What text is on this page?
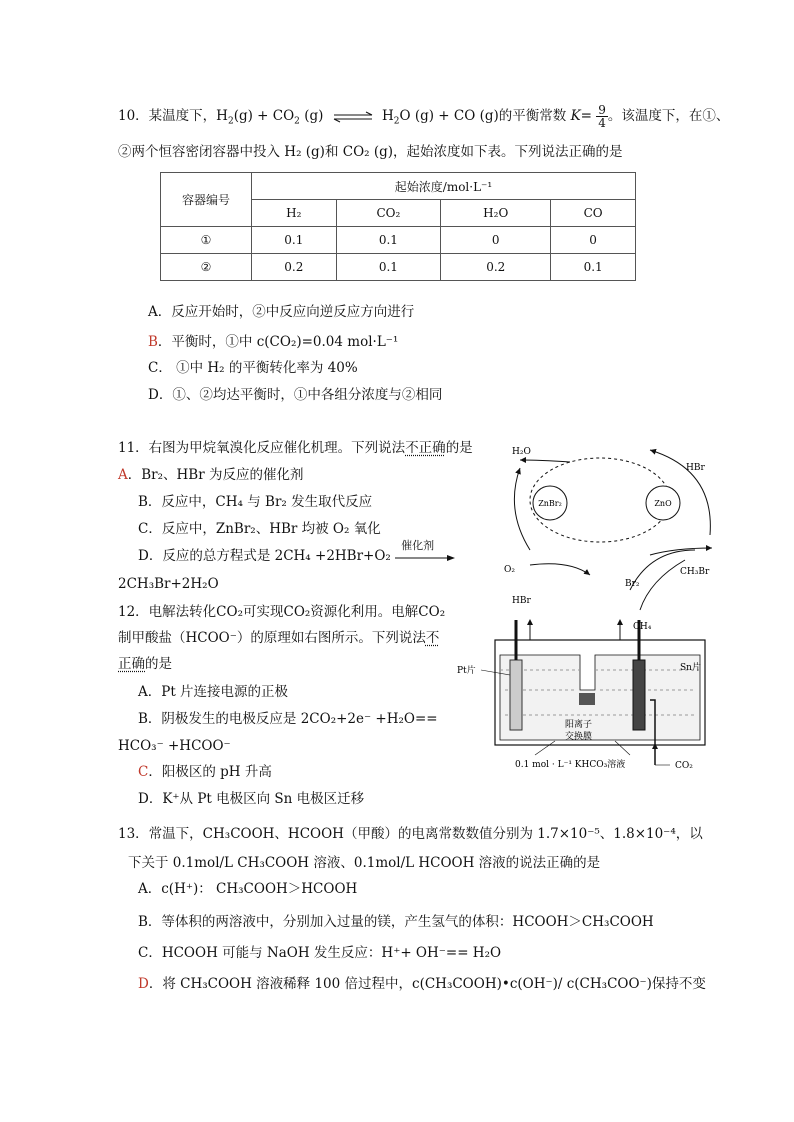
10．某温度下，$H_2(g) + CO_2$ (g) ⇌ $H_2O$ (g) + CO (g)的平衡常数 $K= \frac{9}{4}$ 。该温度下，在①、
②两个恒容密闭容器中投入 H₂ (g)和 CO₂ (g)，起始浓度如下表。下列说法正确的是
容器编号	起始浓度/mol·L⁻¹			
	H₂	CO₂	H₂O	CO
①	0.1	0.1	0	0
②	0.2	0.1	0.2	0.1
A．反应开始时，②中反应向逆反应方向进行
B．平衡时，①中 c(CO₂)=0.04 mol·L⁻¹
C． ①中 H₂ 的平衡转化率为 40%
D．①、②均达平衡时，①中各组分浓度与②相同
11．右图为甲烷氧溴化反应催化机理。下列说法不正确的是
A．Br₂、HBr 为反应的催化剂
B．反应中，CH₄ 与 Br₂ 发生取代反应
C．反应中，ZnBr₂、HBr 均被 O₂ 氧化
D．反应的总方程式是 2CH₄ +2HBr+O₂
催化剂
2CH₃Br+2H₂O
ZnBr₂	ZnO
H₂O
HBr
CH₃Br
O₂
Br₂
HBr
12．电解法转化CO₂可实现CO₂资源化利用。电解CO₂
制甲酸盐（HCOO⁻）的原理如右图所示。下列说法不
正确的是
A．Pt 片连接电源的正极
B．阴极发生的电极反应是 2CO₂+2e⁻ +H₂O==
HCO₃⁻ +HCOO⁻
C．阳极区的 pH 升高
D．K⁺从 Pt 电极区向 Sn 电极区迁移
CH₄
Pt片	Sn片
阳离子
交换膜
0.1 mol · L⁻¹ KHCO₃溶液	CO₂
13．常温下，CH₃COOH、HCOOH（甲酸）的电离常数数值分别为 1.7×10⁻⁵、1.8×10⁻⁴，以
下关于 0.1mol/L CH₃COOH 溶液、0.1mol/L HCOOH 溶液的说法正确的是
A．c(H⁺)： CH₃COOH＞HCOOH
B．等体积的两溶液中，分别加入过量的镁，产生氢气的体积：HCOOH＞CH₃COOH
C．HCOOH 可能与 NaOH 发生反应：H⁺+ OH⁻== H₂O
D．将 CH₃COOH 溶液稀释 100 倍过程中，c(CH₃COOH)•c(OH⁻)/ c(CH₃COO⁻)保持不变
